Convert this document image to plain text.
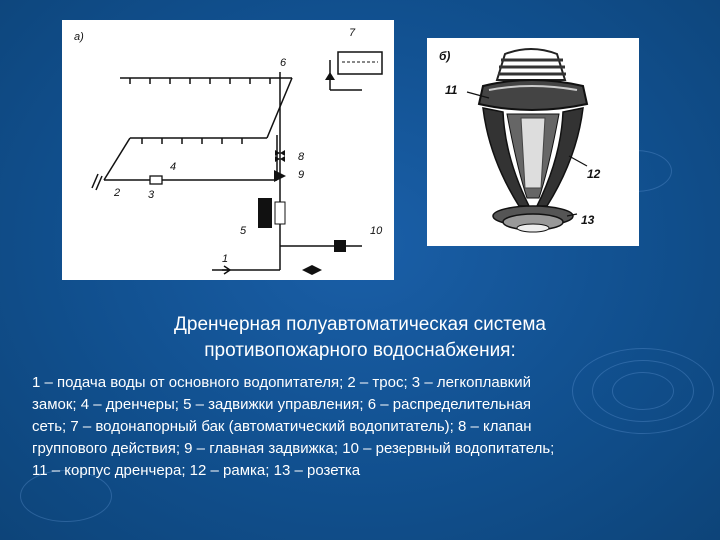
а)
1
2	3
4
5
6
7
8
9
10
б)
11
12
13
Дренчерная полуавтоматическая система
противопожарного водоснабжения:
1 – подача воды от основного водопитателя; 2 – трос; 3 – легкоплавкий
замок; 4 – дренчеры; 5 – задвижки управления; 6 – распределительная
сеть; 7 – водонапорный бак (автоматический водопитатель); 8 – клапан
группового действия; 9 – главная задвижка; 10 – резервный водопитатель;
11 – корпус дренчера; 12 – рамка; 13 – розетка
